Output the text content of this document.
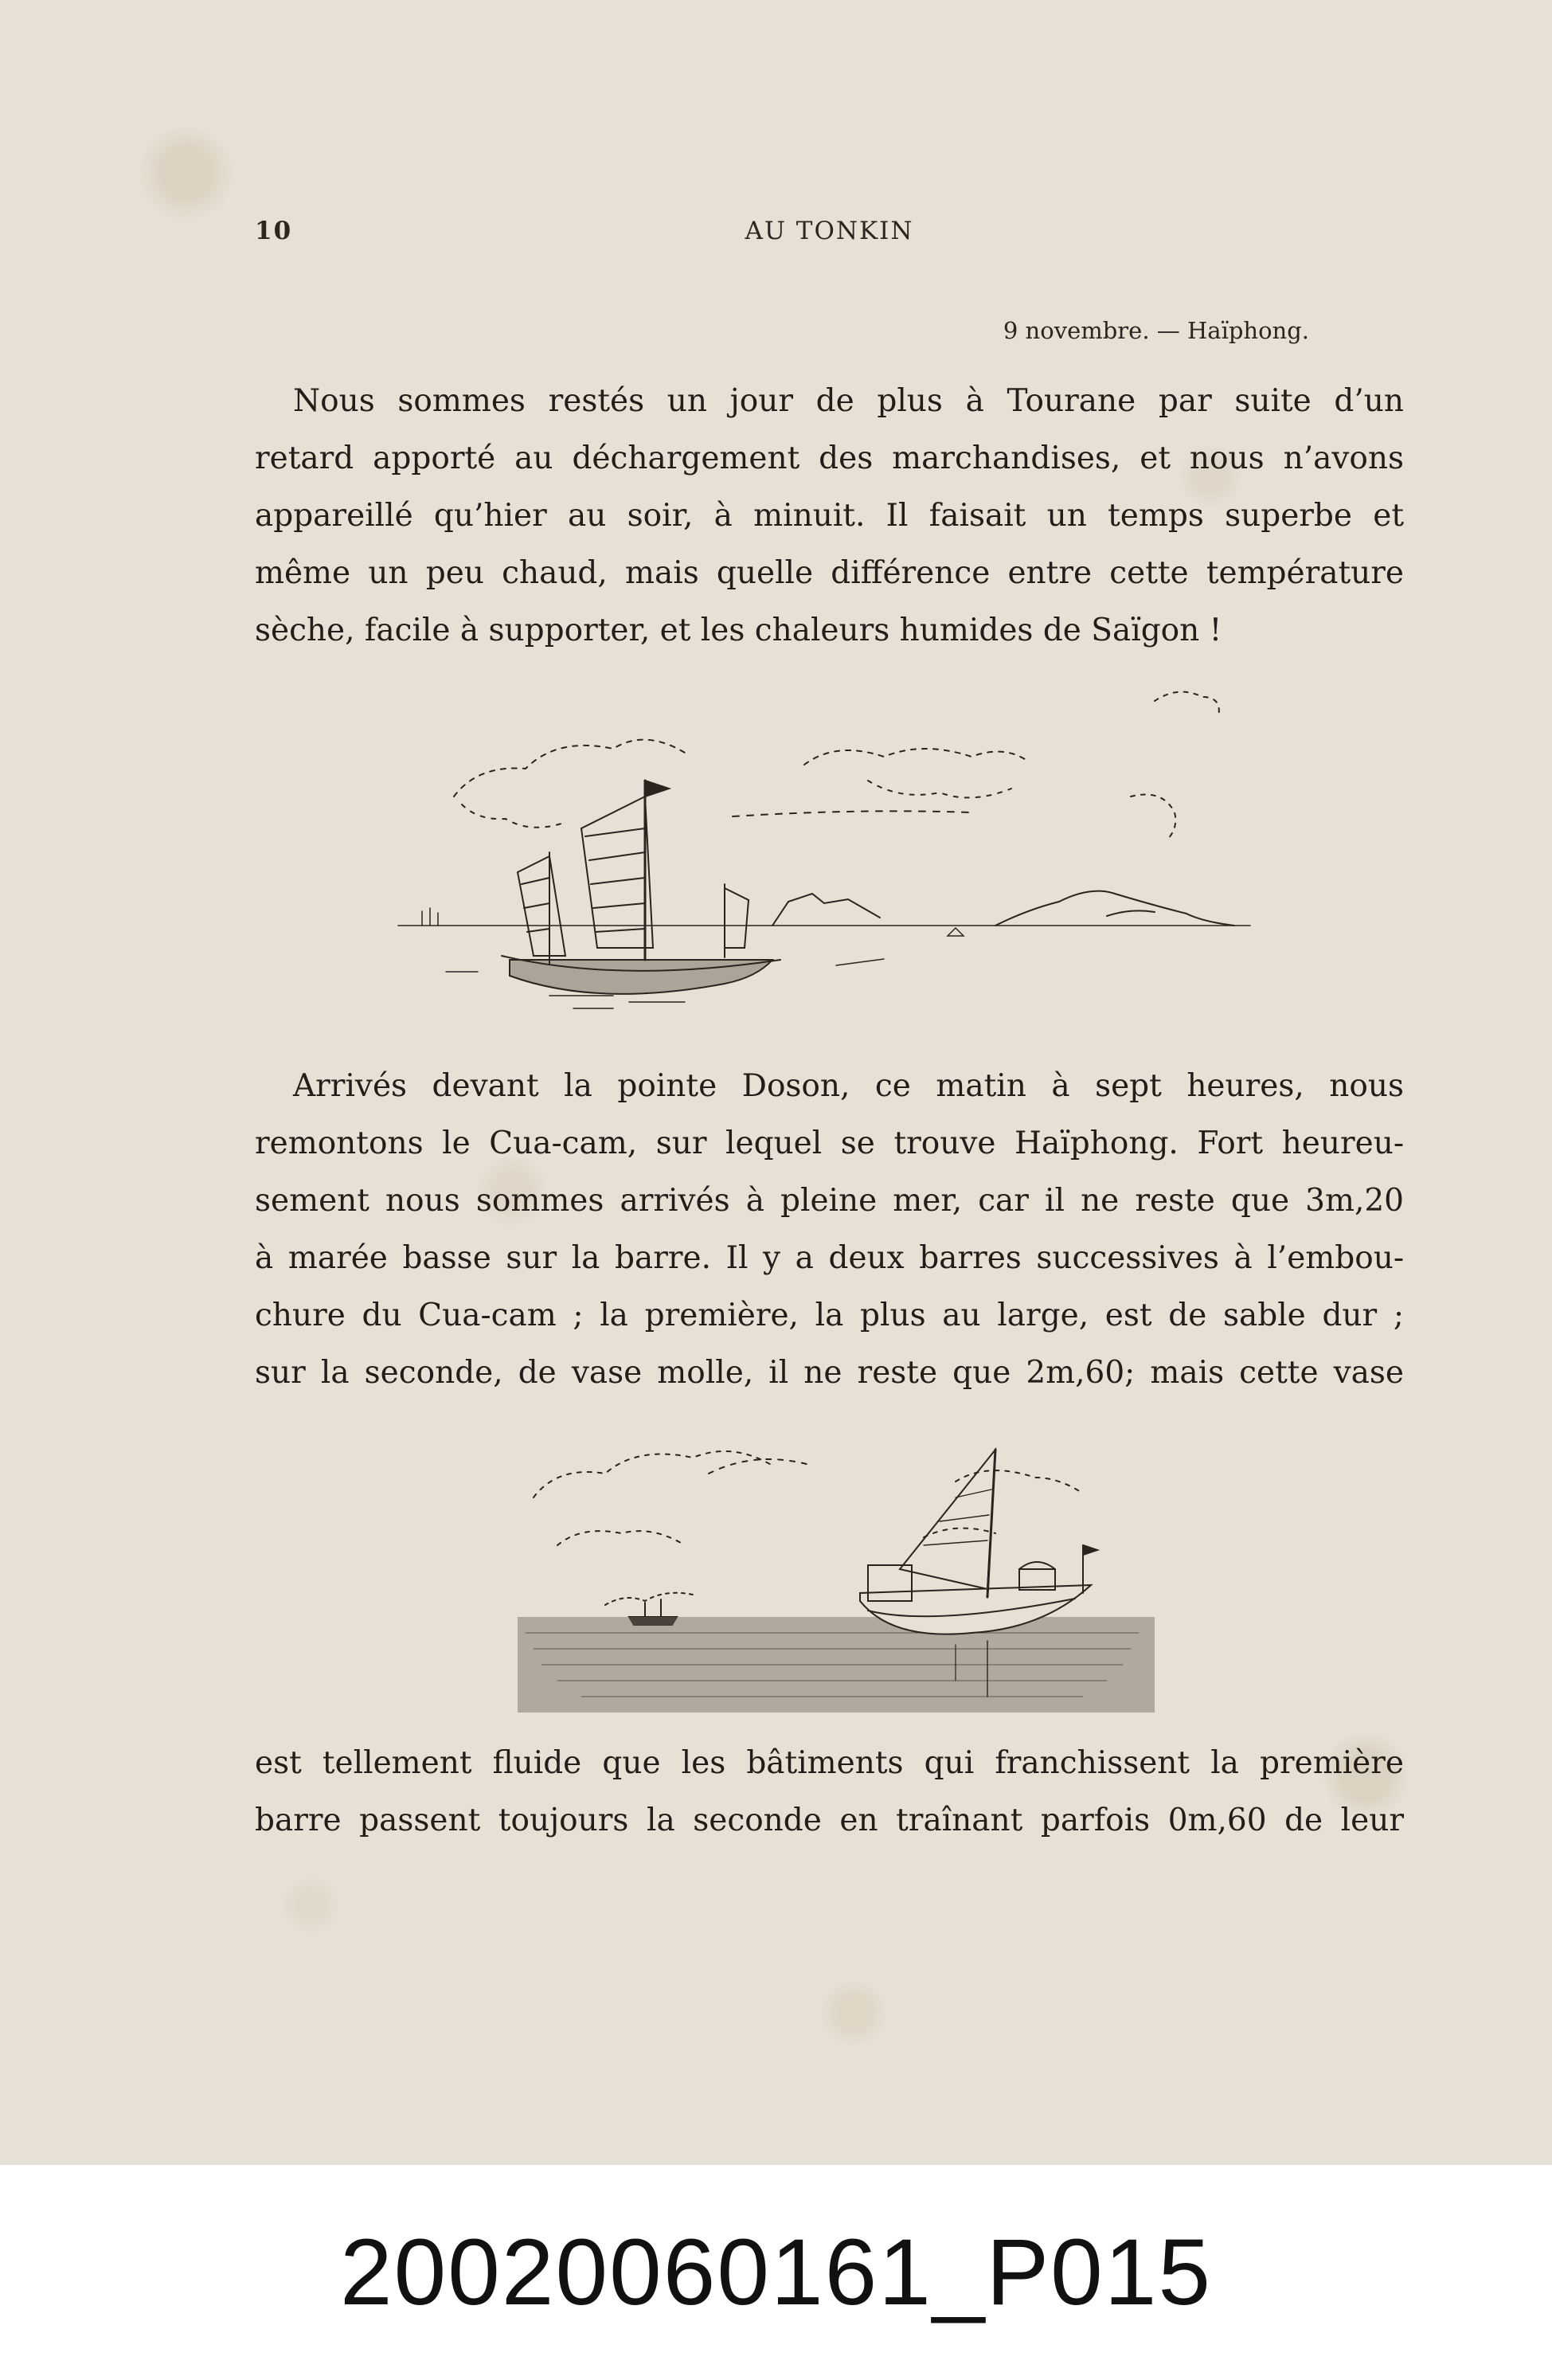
10	AU TONKIN
9 novembre. — Haïphong.
Nous sommes restés un jour de plus à Tourane par suite d’un
retard apporté au déchargement des marchandises, et nous n’avons
appareillé qu’hier au soir, à minuit. Il faisait un temps superbe et
même un peu chaud, mais quelle différence entre cette température
sèche, facile à supporter, et les chaleurs humides de Saïgon !
Arrivés devant la pointe Doson, ce matin à sept heures, nous
remontons le Cua-cam, sur lequel se trouve Haïphong. Fort heureu-
sement nous sommes arrivés à pleine mer, car il ne reste que 3m,20
à marée basse sur la barre. Il y a deux barres successives à l’embou-
chure du Cua-cam ; la première, la plus au large, est de sable dur ;
sur la seconde, de vase molle, il ne reste que 2m,60; mais cette vase
est tellement fluide que les bâtiments qui franchissent la première
barre passent toujours la seconde en traînant parfois 0m,60 de leur
20020060161_P015
